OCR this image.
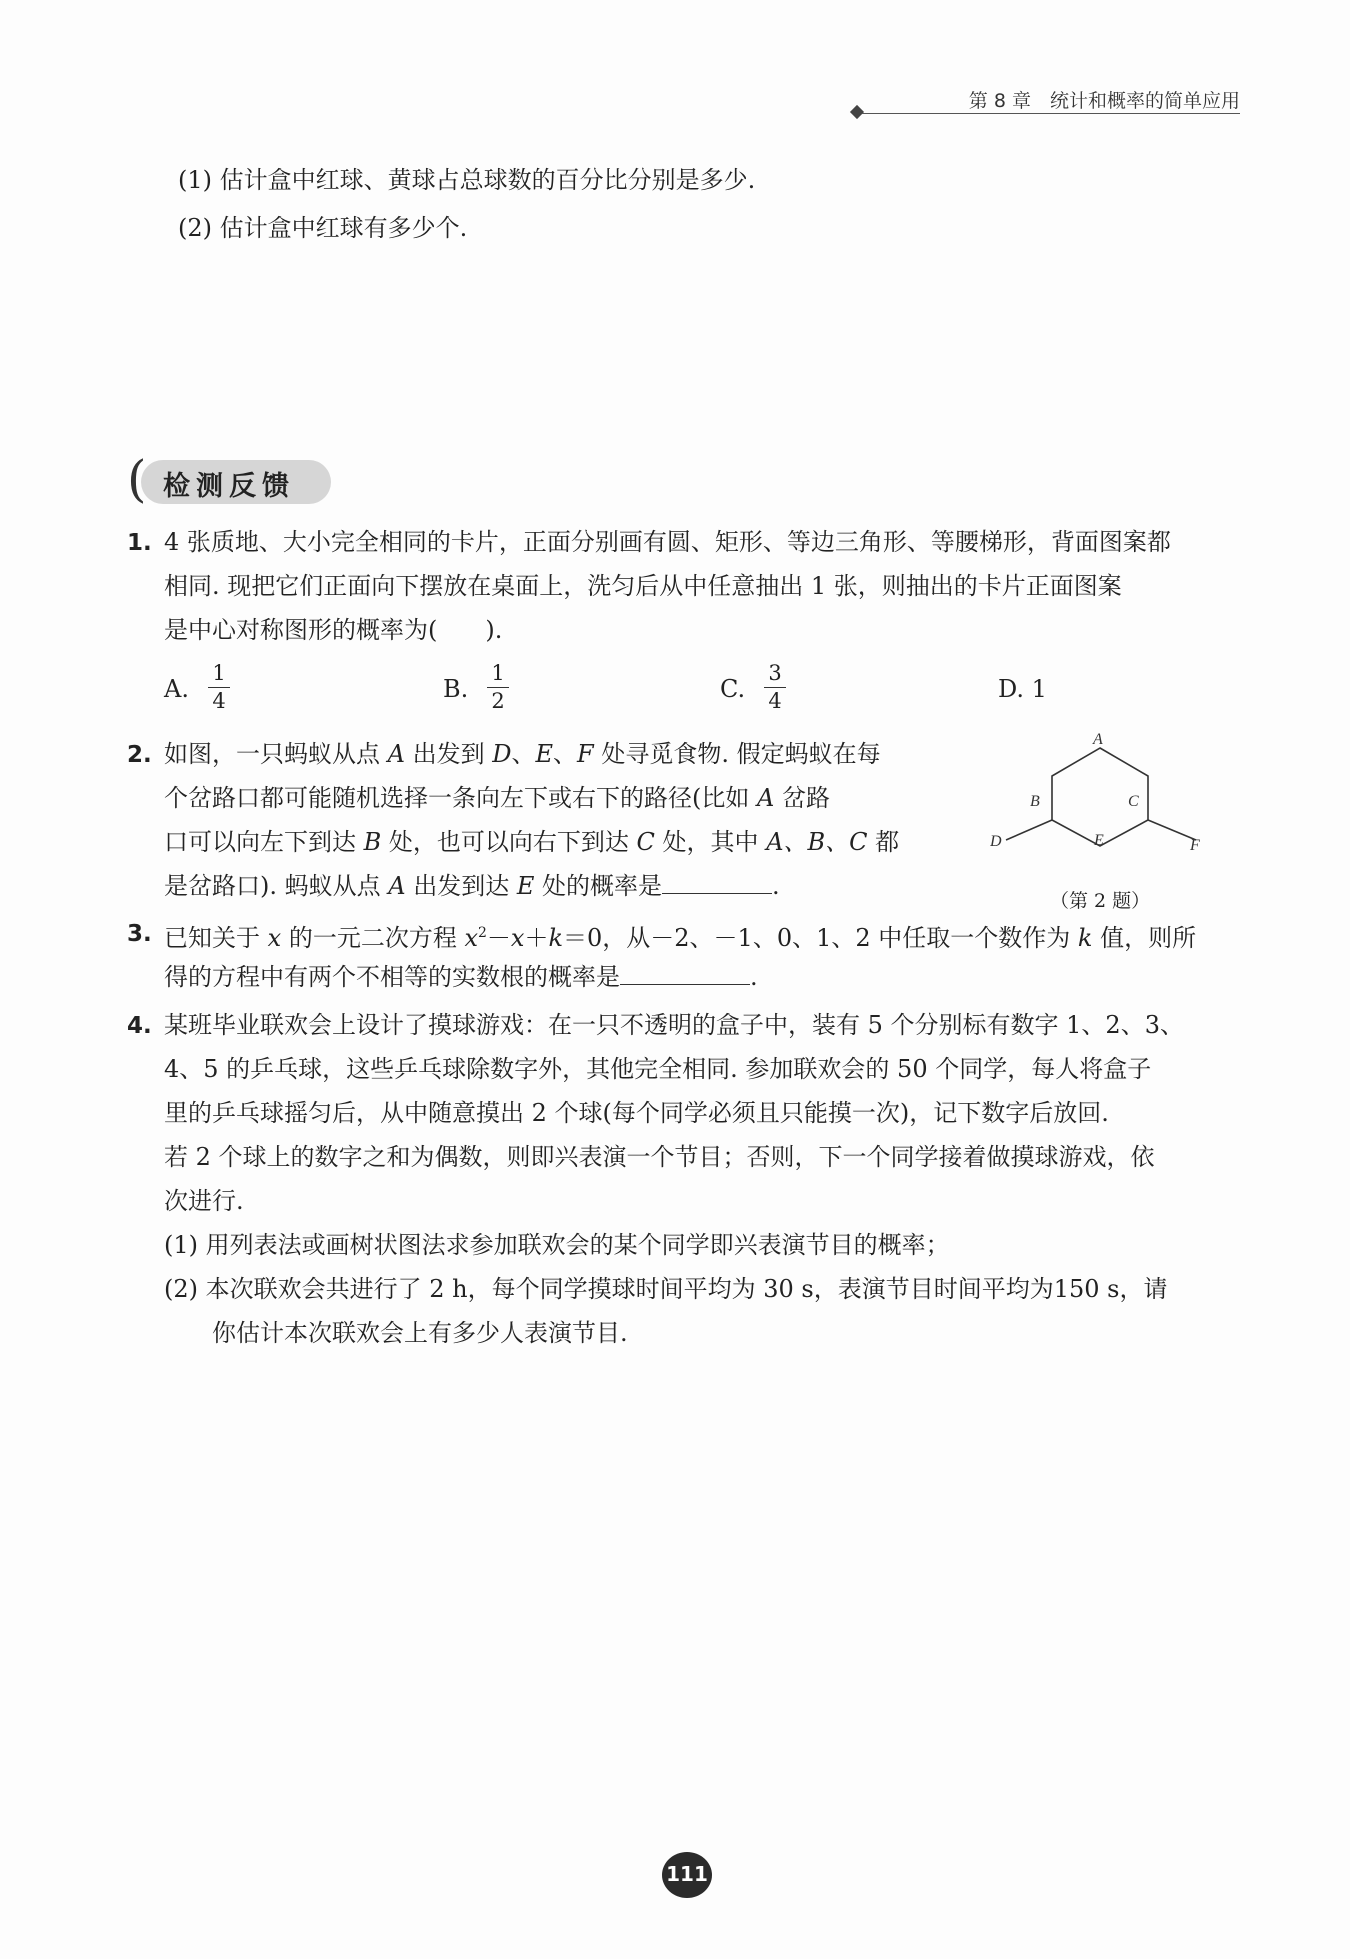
第 8 章　 统计和概率的简单应用
(1) 估计盒中红球、黄球占总球数的百分比分别是多少.
(2) 估计盒中红球有多少个.
( 检测反馈
1. 4 张质地、大小完全相同的卡片，正面分别画有圆、矩形、等边三角形、等腰梯形，背面图案都
相同. 现把它们正面向下摆放在桌面上，洗匀后从中任意抽出 1 张，则抽出的卡片正面图案
是中心对称图形的概率为(　　).
A.
1
4	B.
1
2	C.
3
4	D. 1
2. 如图，一只蚂蚁从点 A 出发到 D、E、F 处寻觅食物. 假定蚂蚁在每
个岔路口都可能随机选择一条向左下或右下的路径(比如 A 岔路
口可以向左下到达 B 处，也可以向右下到达 C 处，其中 A、B、C 都
是岔路口). 蚂蚁从点 A 出发到达 E 处的概率是	.
A
B	C
D	E	F
（第 2 题）
3. 已知关于 x 的一元二次方程 $x^2-x+k=0$，从－2、－1、0、1、2 中任取一个数作为 k 值，则所
得的方程中有两个不相等的实数根的概率是	.
4. 某班毕业联欢会上设计了摸球游戏：在一只不透明的盒子中，装有 5 个分别标有数字 1、2、3、
4、5 的乒乓球，这些乒乓球除数字外，其他完全相同. 参加联欢会的 50 个同学，每人将盒子
里的乒乓球摇匀后，从中随意摸出 2 个球(每个同学必须且只能摸一次)，记下数字后放回.
若 2 个球上的数字之和为偶数，则即兴表演一个节目；否则，下一个同学接着做摸球游戏，依
次进行.
(1) 用列表法或画树状图法求参加联欢会的某个同学即兴表演节目的概率；
(2) 本次联欢会共进行了 2 h，每个同学摸球时间平均为 30 s，表演节目时间平均为150 s，请
你估计本次联欢会上有多少人表演节目.
111
